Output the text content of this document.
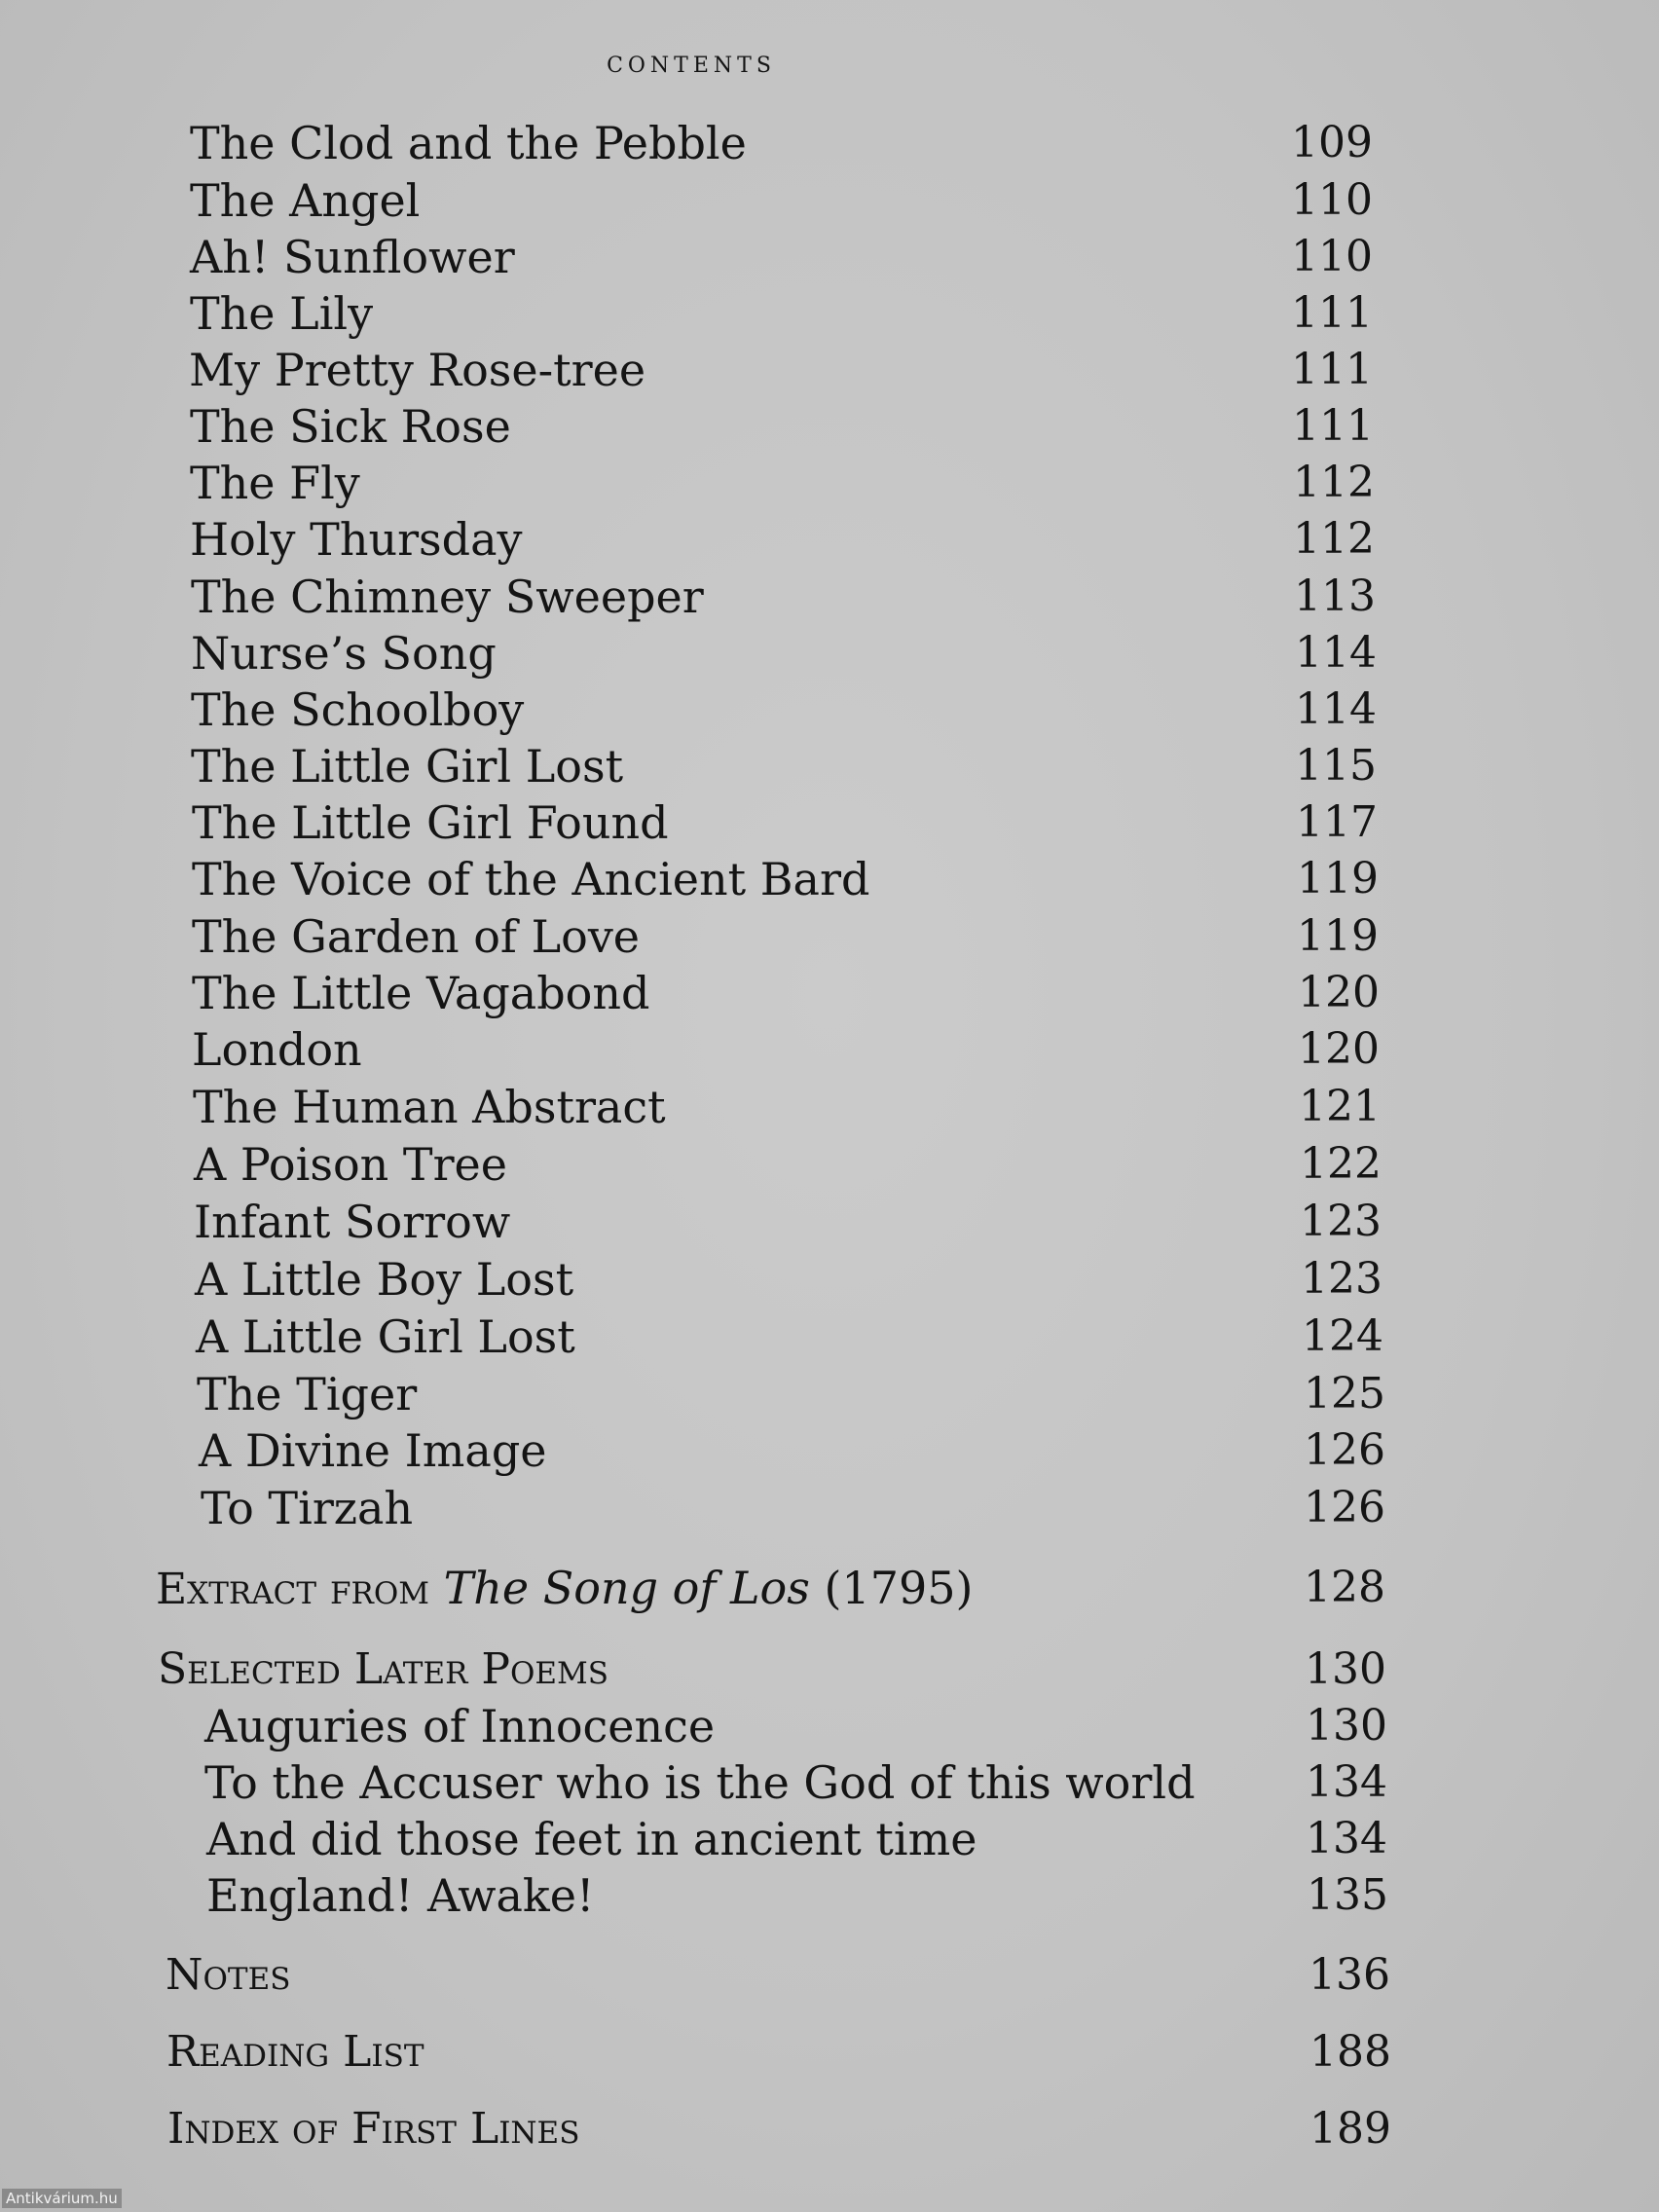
contents
The Clod and the Pebble	109
The Angel	110
Ah! Sunflower	110
The Lily	111
My Pretty Rose-tree	111
The Sick Rose	111
The Fly	112
Holy Thursday	112
The Chimney Sweeper	113
Nurse’s Song	114
The Schoolboy	114
The Little Girl Lost	115
The Little Girl Found	117
The Voice of the Ancient Bard	119
The Garden of Love	119
The Little Vagabond	120
London	120
The Human Abstract	121
A Poison Tree	122
Infant Sorrow	123
A Little Boy Lost	123
A Little Girl Lost	124
The Tiger	125
A Divine Image	126
To Tirzah	126
Extract from The Song of Los (1795)	128
Selected Later Poems	130
Auguries of Innocence	130
To the Accuser who is the God of this world	134
And did those feet in ancient time	134
England! Awake!	135
Notes	136
Reading List	188
Index of First Lines	189
Antikvárium.hu
